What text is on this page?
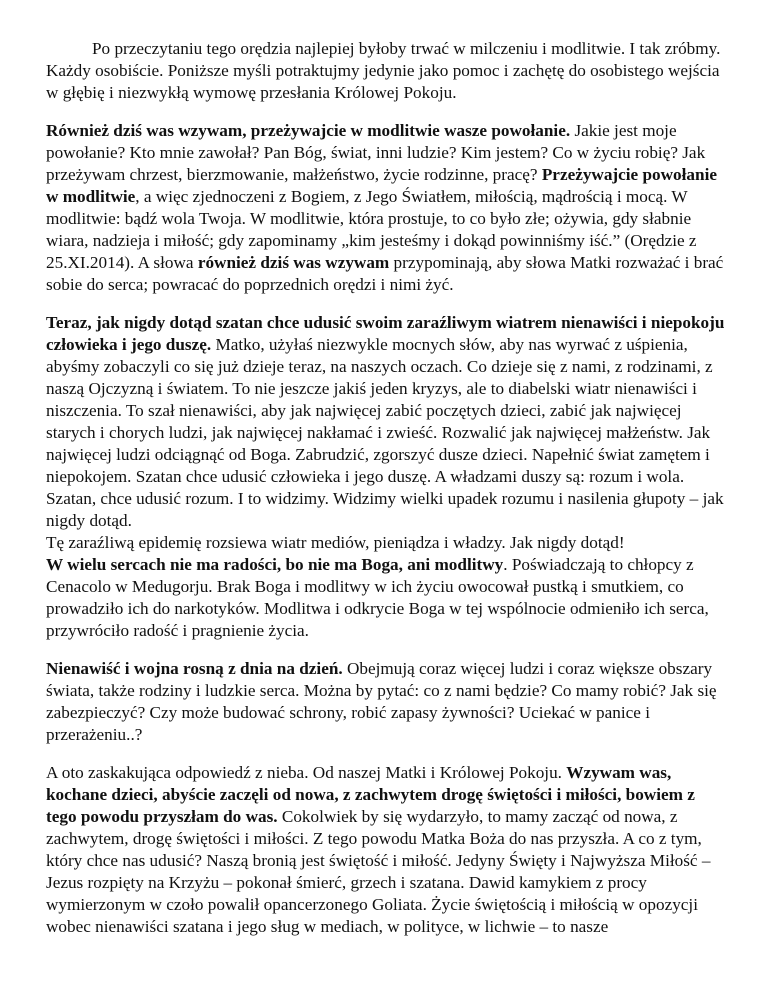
Po przeczytaniu tego orędzia najlepiej byłoby trwać w milczeniu i modlitwie. I tak zróbmy. Każdy osobiście. Poniższe myśli potraktujmy jedynie jako pomoc i zachętę do osobistego wejścia w głębię i niezwykłą wymowę przesłania Królowej Pokoju.

Również dziś was wzywam, przeżywajcie w modlitwie wasze powołanie. Jakie jest moje powołanie? Kto mnie zawołał? Pan Bóg, świat, inni ludzie? Kim jestem? Co w życiu robię? Jak przeżywam chrzest, bierzmowanie, małżeństwo, życie rodzinne, pracę? Przeżywajcie powołanie w modlitwie, a więc zjednoczeni z Bogiem, z Jego Światłem, miłością, mądrością i mocą. W modlitwie: bądź wola Twoja. W modlitwie, która prostuje, to co było złe; ożywia, gdy słabnie wiara, nadzieja i miłość; gdy zapominamy „kim jesteśmy i dokąd powinniśmy iść.” (Orędzie z 25.XI.2014). A słowa również dziś was wzywam przypominają, aby słowa Matki rozważać i brać sobie do serca; powracać do poprzednich orędzi i nimi żyć.

Teraz, jak nigdy dotąd szatan chce udusić swoim zaraźliwym wiatrem nienawiści i niepokoju człowieka i jego duszę. Matko, użyłaś niezwykle mocnych słów, aby nas wyrwać z uśpienia, abyśmy zobaczyli co się już dzieje teraz, na naszych oczach. Co dzieje się z nami, z rodzinami, z naszą Ojczyzną i światem. To nie jeszcze jakiś jeden kryzys, ale to diabelski wiatr nienawiści i niszczenia. To szał nienawiści, aby jak najwięcej zabić poczętych dzieci, zabić jak najwięcej starych i chorych ludzi, jak najwięcej nakłamać i zwieść. Rozwalić jak najwięcej małżeństw. Jak najwięcej ludzi odciągnąć od Boga. Zabrudzić, zgorszyć dusze dzieci. Napełnić świat zamętem i niepokojem. Szatan chce udusić człowieka i jego duszę. A władzami duszy są: rozum i wola. Szatan, chce udusić rozum. I to widzimy. Widzimy wielki upadek rozumu i nasilenia głupoty – jak nigdy dotąd.
Tę zaraźliwą epidemię rozsiewa wiatr mediów, pieniądza i władzy. Jak nigdy dotąd!
W wielu sercach nie ma radości, bo nie ma Boga, ani modlitwy. Poświadczają to chłopcy z Cenacolo w Medugorju. Brak Boga i modlitwy w ich życiu owocował pustką i smutkiem, co prowadziło ich do narkotyków. Modlitwa i odkrycie Boga w tej wspólnocie odmieniło ich serca, przywróciło radość i pragnienie życia.

Nienawiść i wojna rosną z dnia na dzień. Obejmują coraz więcej ludzi i coraz większe obszary świata, także rodziny i ludzkie serca. Można by pytać: co z nami będzie? Co mamy robić? Jak się zabezpieczyć? Czy może budować schrony, robić zapasy żywności? Uciekać w panice i przerażeniu..?

A oto zaskakująca odpowiedź z nieba. Od naszej Matki i Królowej Pokoju. Wzywam was, kochane dzieci, abyście zaczęli od nowa, z zachwytem drogę świętości i miłości, bowiem z tego powodu przyszłam do was. Cokolwiek by się wydarzyło, to mamy zacząć od nowa, z zachwytem, drogę świętości i miłości. Z tego powodu Matka Boża do nas przyszła. A co z tym, który chce nas udusić? Naszą bronią jest świętość i miłość. Jedyny Święty i Najwyższa Miłość – Jezus rozpięty na Krzyżu – pokonał śmierć, grzech i szatana. Dawid kamykiem z procy wymierzonym w czoło powalił opancerzonego Goliata. Życie świętością i miłością w opozycji wobec nienawiści szatana i jego sług w mediach, w polityce, w lichwie – to nasze
